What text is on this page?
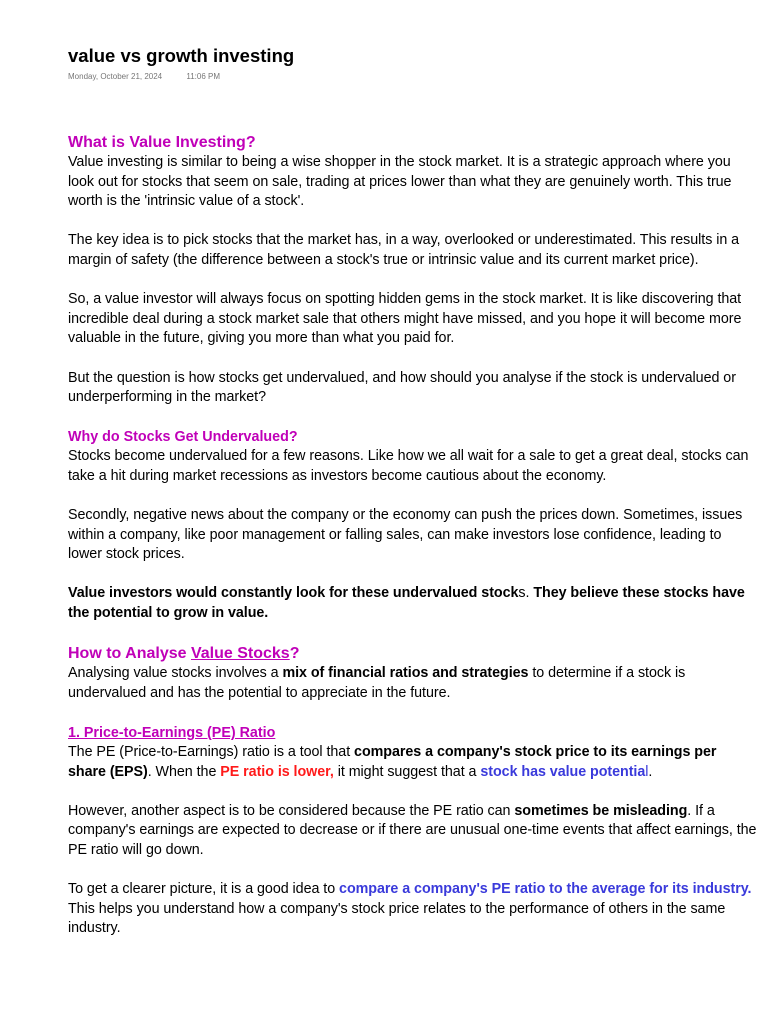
value vs growth investing
Monday, October 21, 2024	11:06 PM
What is Value Investing?

Value investing is similar to being a wise shopper in the stock market. It is a strategic approach where you look out for stocks that seem on sale, trading at prices lower than what they are genuinely worth. This true worth is the 'intrinsic value of a stock'.

The key idea is to pick stocks that the market has, in a way, overlooked or underestimated. This results in a margin of safety (the difference between a stock's true or intrinsic value and its current market price).

So, a value investor will always focus on spotting hidden gems in the stock market. It is like discovering that incredible deal during a stock market sale that others might have missed, and you hope it will become more valuable in the future, giving you more than what you paid for.

But the question is how stocks get undervalued, and how should you analyse if the stock is undervalued or underperforming in the market?

Why do Stocks Get Undervalued?

Stocks become undervalued for a few reasons. Like how we all wait for a sale to get a great deal, stocks can take a hit during market recessions as investors become cautious about the economy.

Secondly, negative news about the company or the economy can push the prices down. Sometimes, issues within a company, like poor management or falling sales, can make investors lose confidence, leading to lower stock prices.

Value investors would constantly look for these undervalued stocks. They believe these stocks have the potential to grow in value.

How to Analyse Value Stocks?

Analysing value stocks involves a mix of financial ratios and strategies to determine if a stock is undervalued and has the potential to appreciate in the future.

1. Price-to-Earnings (PE) Ratio

The PE (Price-to-Earnings) ratio is a tool that compares a company's stock price to its earnings per share (EPS). When the PE ratio is lower, it might suggest that a stock has value potential.

However, another aspect is to be considered because the PE ratio can sometimes be misleading. If a company's earnings are expected to decrease or if there are unusual one-time events that affect earnings, the PE ratio will go down.

To get a clearer picture, it is a good idea to compare a company's PE ratio to the average for its industry. This helps you understand how a company's stock price relates to the performance of others in the same industry.
